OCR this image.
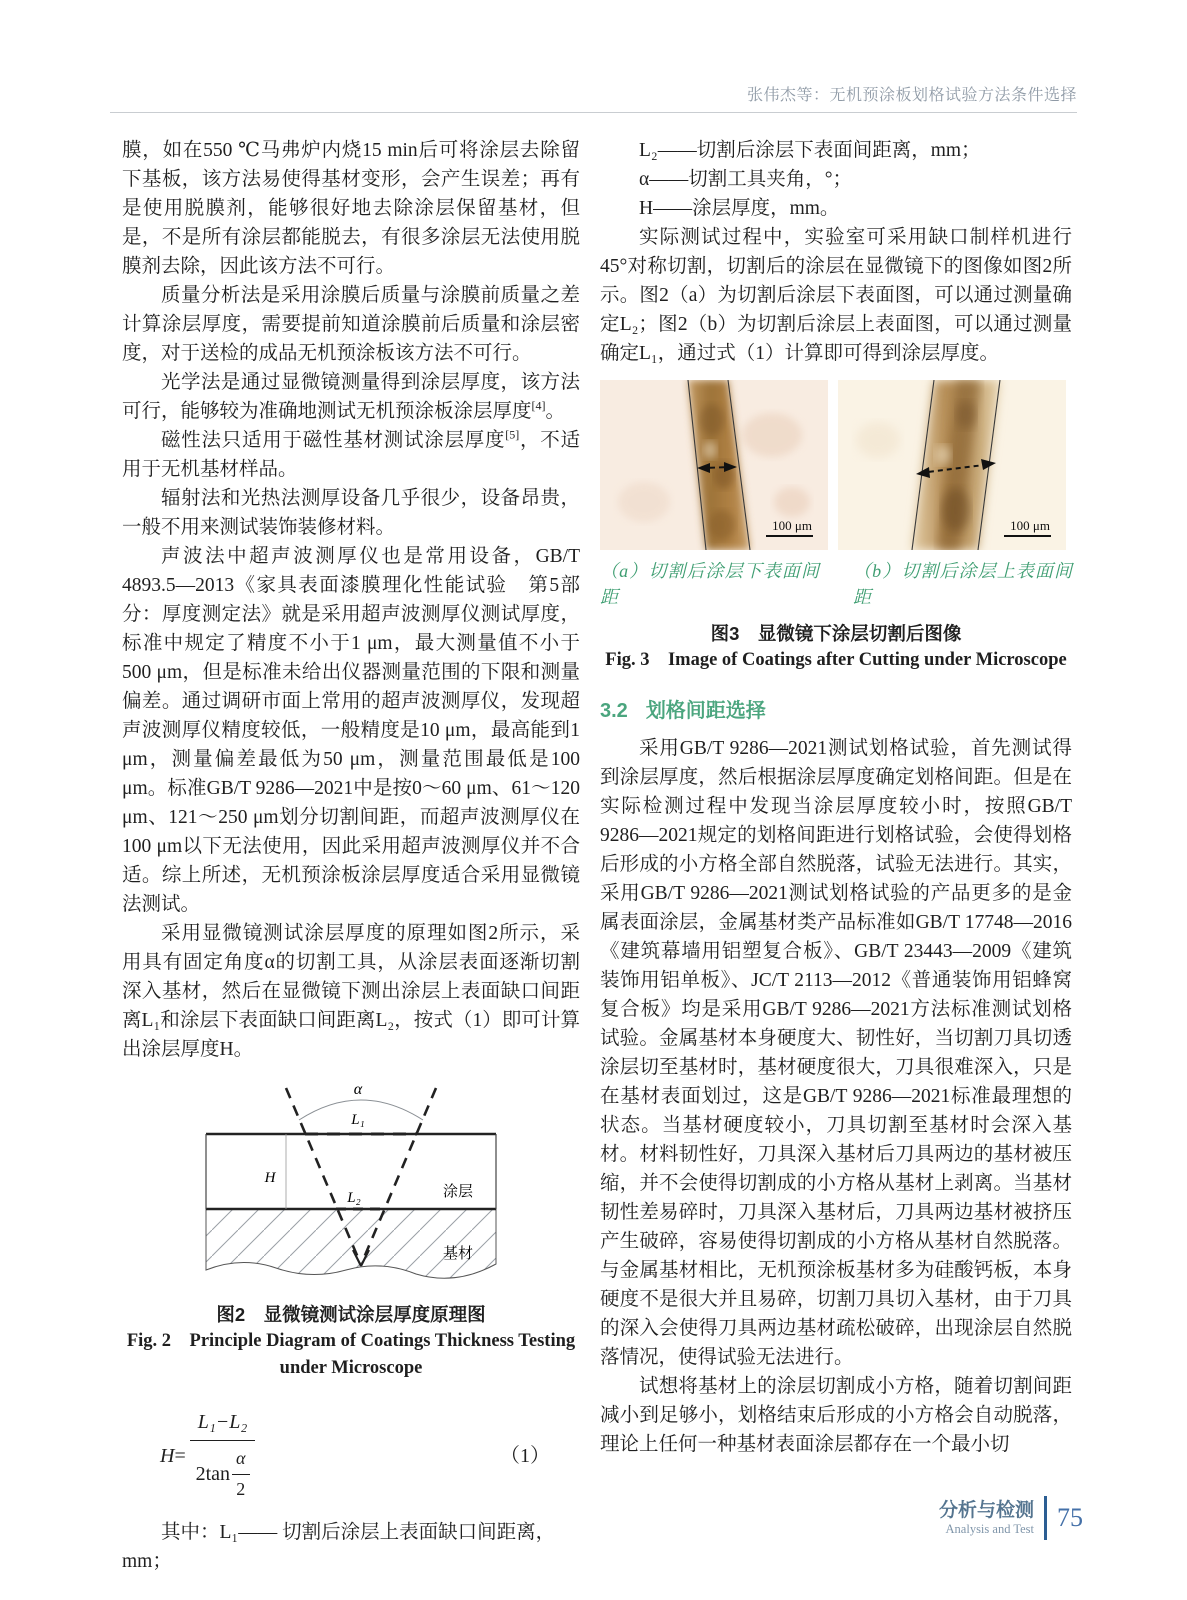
张伟杰等：无机预涂板划格试验方法条件选择

膜，如在550 ℃马弗炉内烧15 min后可将涂层去除留下基板，该方法易使得基材变形，会产生误差；再有是使用脱膜剂，能够很好地去除涂层保留基材，但是，不是所有涂层都能脱去，有很多涂层无法使用脱膜剂去除，因此该方法不可行。

质量分析法是采用涂膜后质量与涂膜前质量之差计算涂层厚度，需要提前知道涂膜前后质量和涂层密度，对于送检的成品无机预涂板该方法不可行。

光学法是通过显微镜测量得到涂层厚度，该方法可行，能够较为准确地测试无机预涂板涂层厚度[4]。

磁性法只适用于磁性基材测试涂层厚度[5]，不适用于无机基材样品。

辐射法和光热法测厚设备几乎很少，设备昂贵，一般不用来测试装饰装修材料。

声波法中超声波测厚仪也是常用设备，GB/T 4893.5—2013《家具表面漆膜理化性能试验　第5部分：厚度测定法》就是采用超声波测厚仪测试厚度，标准中规定了精度不小于1 μm，最大测量值不小于500 μm，但是标准未给出仪器测量范围的下限和测量偏差。通过调研市面上常用的超声波测厚仪，发现超声波测厚仪精度较低，一般精度是10 μm，最高能到1 μm，测量偏差最低为50 μm，测量范围最低是100 μm。标准GB/T 9286—2021中是按0～60 μm、61～120 μm、121～250 μm划分切割间距，而超声波测厚仪在100 μm以下无法使用，因此采用超声波测厚仪并不合适。综上所述，无机预涂板涂层厚度适合采用显微镜法测试。

采用显微镜测试涂层厚度的原理如图2所示，采用具有固定角度α的切割工具，从涂层表面逐渐切割深入基材，然后在显微镜下测出涂层上表面缺口间距离L₁和涂层下表面缺口间距离L₂，按式（1）即可计算出涂层厚度H。

α
L₁
H
L₂	涂层
基材
图2　显微镜测试涂层厚度原理图
Fig. 2　Principle Diagram of Coatings Thickness Testing
under Microscope
$H = \frac{\text{L₁−L₂}}{2\tan \frac{\alpha}{2}}$	（1）

其中：L₁—— 切割后涂层上表面缺口间距离，

mm；

L₂——切割后涂层下表面间距离，mm；

α——切割工具夹角，°；

H——涂层厚度，mm。

实际测试过程中，实验室可采用缺口制样机进行45°对称切割，切割后的涂层在显微镜下的图像如图2所示。图2（a）为切割后涂层下表面图，可以通过测量确定L₂；图2（b）为切割后涂层上表面图，可以通过测量确定L₁，通过式（1）计算即可得到涂层厚度。

100 μm	100 μm
（a）切割后涂层下表面间距
（b）切割后涂层上表面间距
图3　显微镜下涂层切割后图像
Fig. 3　Image of Coatings after Cutting under Microscope
3.2 划格间距选择

采用GB/T 9286—2021测试划格试验，首先测试得到涂层厚度，然后根据涂层厚度确定划格间距。但是在实际检测过程中发现当涂层厚度较小时，按照GB/T 9286—2021规定的划格间距进行划格试验，会使得划格后形成的小方格全部自然脱落，试验无法进行。其实，采用GB/T 9286—2021测试划格试验的产品更多的是金属表面涂层，金属基材类产品标准如GB/T 17748—2016《建筑幕墙用铝塑复合板》、GB/T 23443—2009《建筑装饰用铝单板》、JC/T 2113—2012《普通装饰用铝蜂窝复合板》均是采用GB/T 9286—2021方法标准测试划格试验。金属基材本身硬度大、韧性好，当切割刀具切透涂层切至基材时，基材硬度很大，刀具很难深入，只是在基材表面划过，这是GB/T 9286—2021标准最理想的状态。当基材硬度较小，刀具切割至基材时会深入基材。材料韧性好，刀具深入基材后刀具两边的基材被压缩，并不会使得切割成的小方格从基材上剥离。当基材韧性差易碎时，刀具深入基材后，刀具两边基材被挤压产生破碎，容易使得切割成的小方格从基材自然脱落。与金属基材相比，无机预涂板基材多为硅酸钙板，本身硬度不是很大并且易碎，切割刀具切入基材，由于刀具的深入会使得刀具两边基材疏松破碎，出现涂层自然脱落情况，使得试验无法进行。

试想将基材上的涂层切割成小方格，随着切割间距减小到足够小，划格结束后形成的小方格会自动脱落，理论上任何一种基材表面涂层都存在一个最小切

分析与检测
Analysis and Test 75
